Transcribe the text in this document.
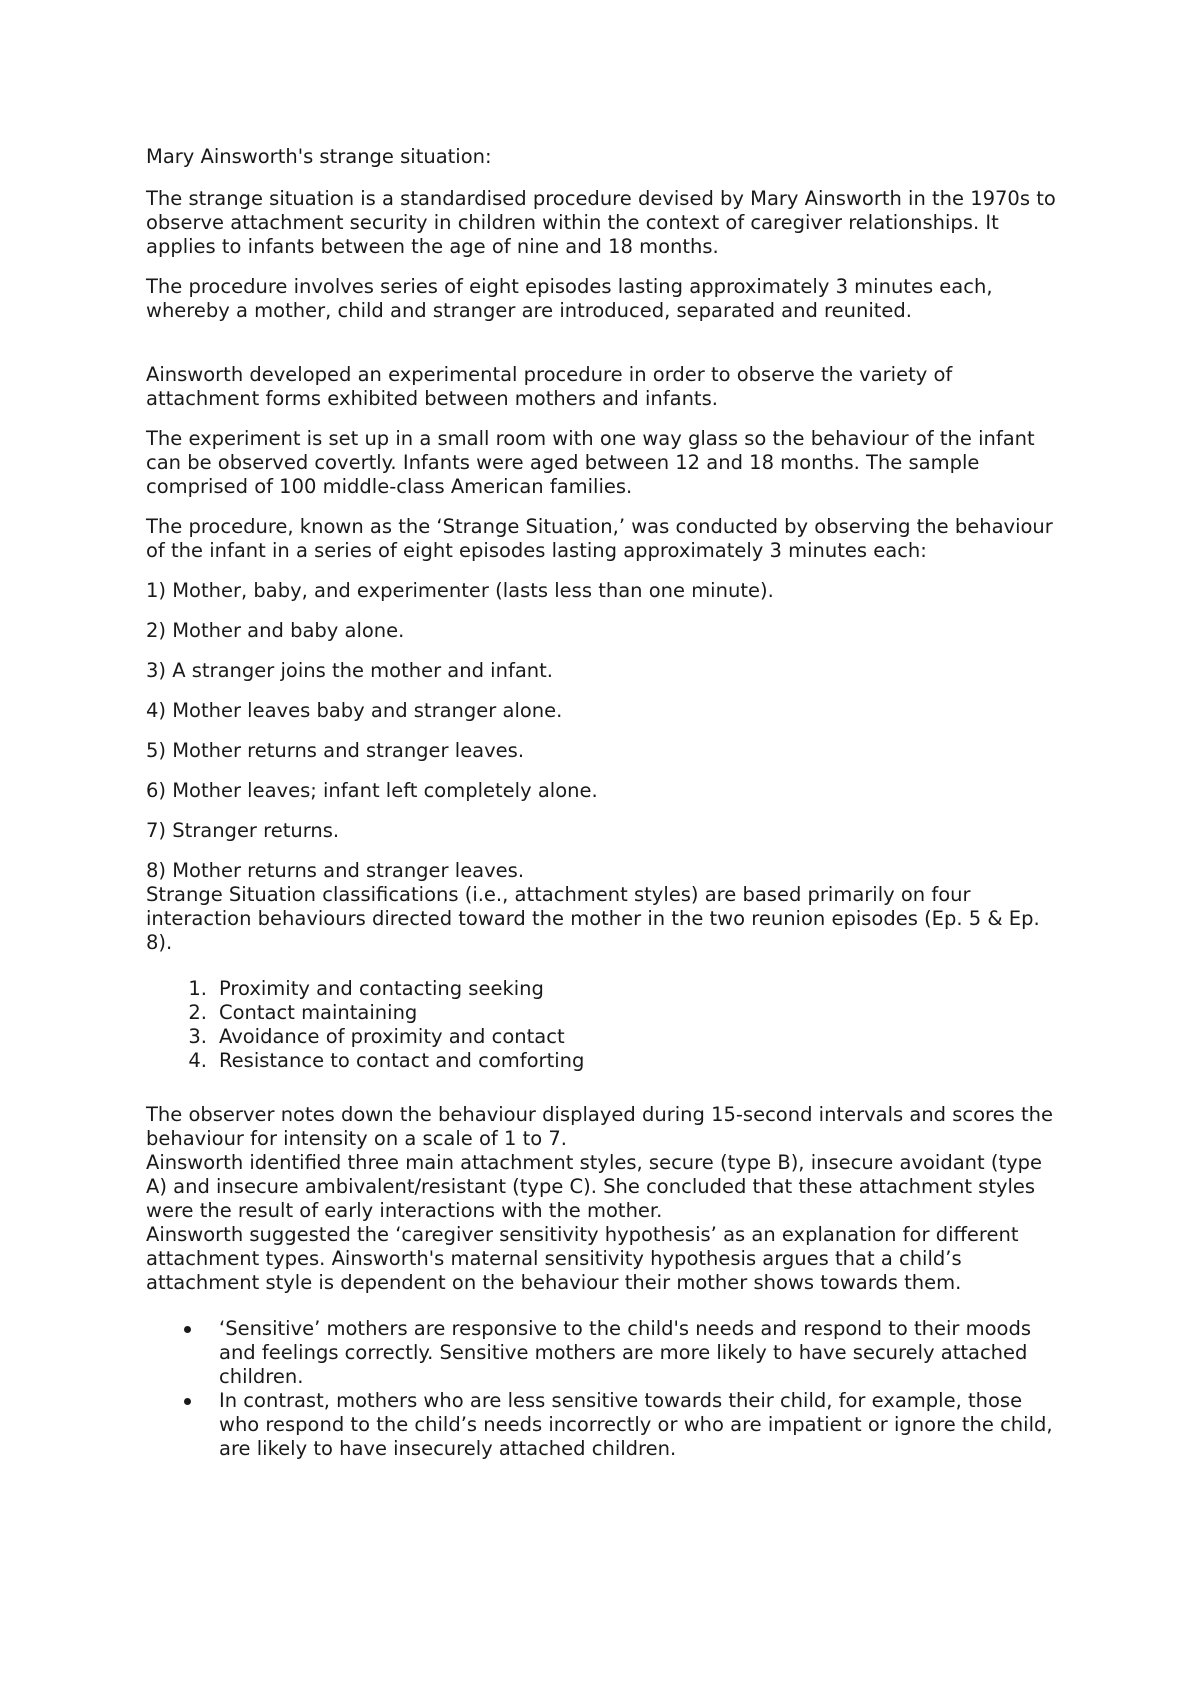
Mary Ainsworth's strange situation:

The strange situation is a standardised procedure devised by Mary Ainsworth in the 1970s to observe attachment security in children within the context of caregiver relationships. It applies to infants between the age of nine and 18 months.

The procedure involves series of eight episodes lasting approximately 3 minutes each, whereby a mother, child and stranger are introduced, separated and reunited.

Ainsworth developed an experimental procedure in order to observe the variety of attachment forms exhibited between mothers and infants.

The experiment is set up in a small room with one way glass so the behaviour of the infant can be observed covertly. Infants were aged between 12 and 18 months. The sample comprised of 100 middle-class American families.

The procedure, known as the ‘Strange Situation,’ was conducted by observing the behaviour of the infant in a series of eight episodes lasting approximately 3 minutes each:

1) Mother, baby, and experimenter (lasts less than one minute).

2) Mother and baby alone.

3) A stranger joins the mother and infant.

4) Mother leaves baby and stranger alone.

5) Mother returns and stranger leaves.

6) Mother leaves; infant left completely alone.

7) Stranger returns.

8) Mother returns and stranger leaves.

Strange Situation classifications (i.e., attachment styles) are based primarily on four interaction behaviours directed toward the mother in the two reunion episodes (Ep. 5 & Ep. 8).

1. Proximity and contacting seeking
2. Contact maintaining
3. Avoidance of proximity and contact
4. Resistance to contact and comforting

The observer notes down the behaviour displayed during 15-second intervals and scores the behaviour for intensity on a scale of 1 to 7.

Ainsworth identified three main attachment styles, secure (type B), insecure avoidant (type A) and insecure ambivalent/resistant (type C). She concluded that these attachment styles were the result of early interactions with the mother.

Ainsworth suggested the ‘caregiver sensitivity hypothesis’ as an explanation for different attachment types. Ainsworth's maternal sensitivity hypothesis argues that a child’s attachment style is dependent on the behaviour their mother shows towards them.

‘Sensitive’ mothers are responsive to the child's needs and respond to their moods and feelings correctly. Sensitive mothers are more likely to have securely attached children.
In contrast, mothers who are less sensitive towards their child, for example, those who respond to the child’s needs incorrectly or who are impatient or ignore the child, are likely to have insecurely attached children.
